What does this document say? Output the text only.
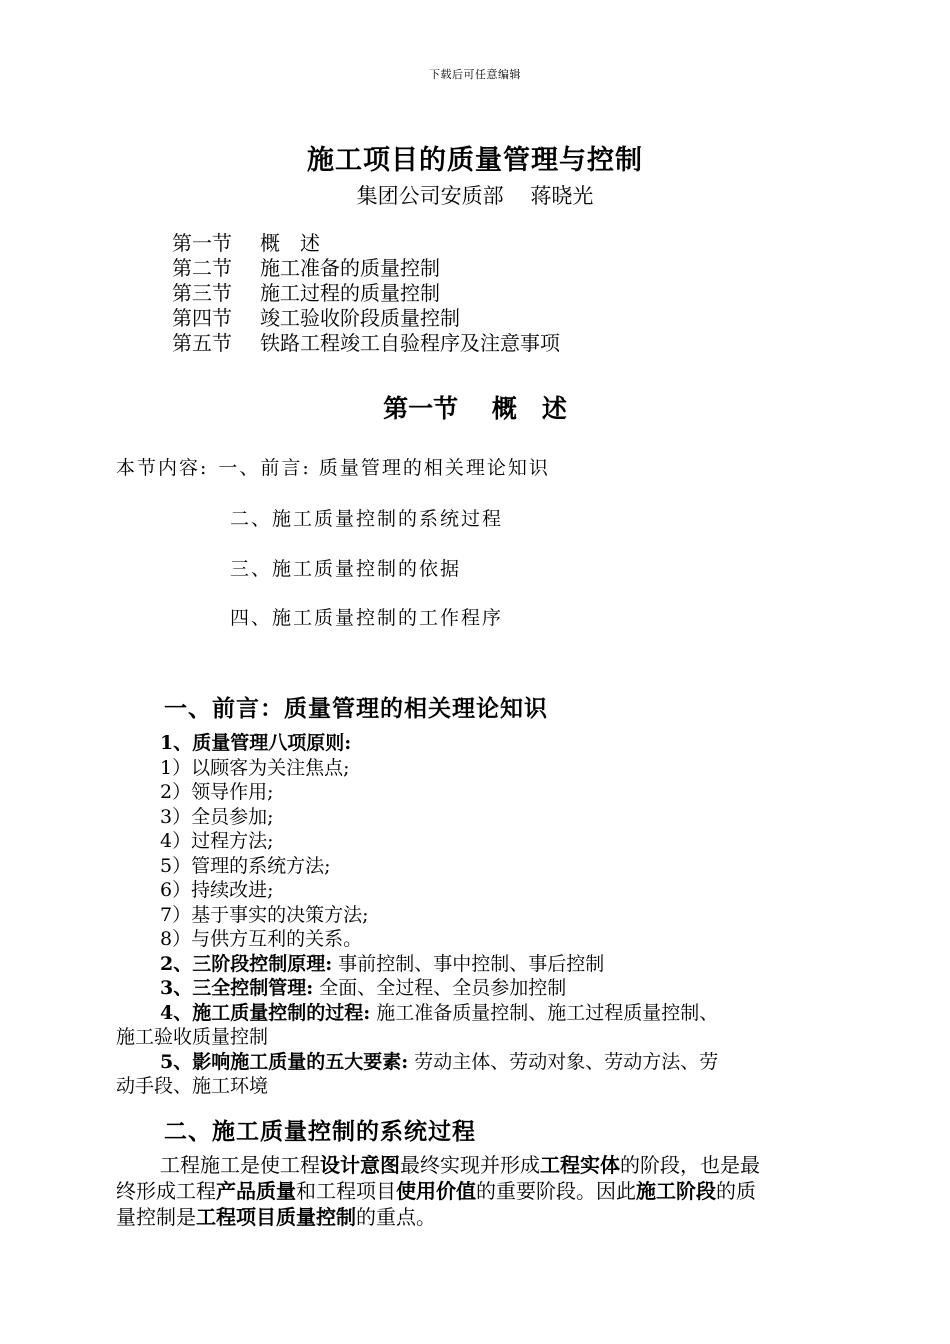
下载后可任意编辑
施工项目的质量管理与控制
集团公司安质部    蒋晓光
第一节 概　述
第二节 施工准备的质量控制
第三节 施工过程的质量控制
第四节 竣工验收阶段质量控制
第五节 铁路工程竣工自验程序及注意事项
第一节　 概　述
本节内容: 一、前言: 质量管理的相关理论知识
二、施工质量控制的系统过程
三、施工质量控制的依据
四、施工质量控制的工作程序
一、前言：质量管理的相关理论知识
1、质量管理八项原则:
1）以顾客为关注焦点;
2）领导作用;
3）全员参加;
4）过程方法;
5）管理的系统方法;
6）持续改进;
7）基于事实的决策方法;
8）与供方互利的关系。
2、三阶段控制原理: 事前控制、事中控制、事后控制
3、三全控制管理: 全面、全过程、全员参加控制
4、施工质量控制的过程: 施工准备质量控制、施工过程质量控制、
施工验收质量控制
5、影响施工质量的五大要素: 劳动主体、劳动对象、劳动方法、劳
动手段、施工环境
二、施工质量控制的系统过程
工程施工是使工程设计意图最终实现并形成工程实体的阶段，也是最
终形成工程产品质量和工程项目使用价值的重要阶段。因此施工阶段的质
量控制是工程项目质量控制的重点。
